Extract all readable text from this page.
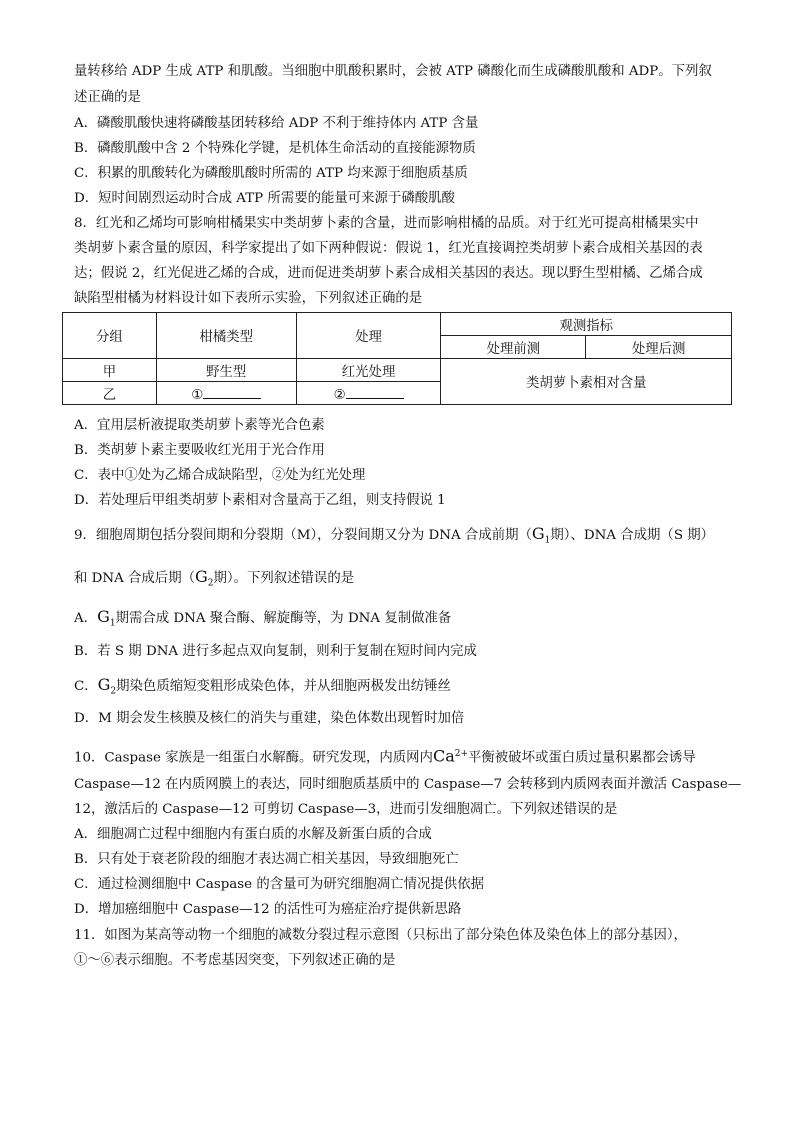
量转移给 ADP 生成 ATP 和肌酸。当细胞中肌酸积累时，会被 ATP 磷酸化而生成磷酸肌酸和 ADP。下列叙
述正确的是
A．磷酸肌酸快速将磷酸基团转移给 ADP 不利于维持体内 ATP 含量
B．磷酸肌酸中含 2 个特殊化学键，是机体生命活动的直接能源物质
C．积累的肌酸转化为磷酸肌酸时所需的 ATP 均来源于细胞质基质
D．短时间剧烈运动时合成 ATP 所需要的能量可来源于磷酸肌酸
8．红光和乙烯均可影响柑橘果实中类胡萝卜素的含量，进而影响柑橘的品质。对于红光可提高柑橘果实中
类胡萝卜素含量的原因，科学家提出了如下两种假说：假说 1，红光直接调控类胡萝卜素合成相关基因的表
达；假说 2，红光促进乙烯的合成，进而促进类胡萝卜素合成相关基因的表达。现以野生型柑橘、乙烯合成
缺陷型柑橘为材料设计如下表所示实验，下列叙述正确的是
分组	柑橘类型	处理	观测指标	
			处理前测	处理后测
甲	野生型	红光处理	类胡萝卜素相对含量	
乙	①	②		
A．宜用层析液提取类胡萝卜素等光合色素
B．类胡萝卜素主要吸收红光用于光合作用
C．表中①处为乙烯合成缺陷型，②处为红光处理
D．若处理后甲组类胡萝卜素相对含量高于乙组，则支持假说 1
9．细胞周期包括分裂间期和分裂期（M），分裂间期又分为 DNA 合成前期（$G_1$期）、DNA 合成期（S 期）
和 DNA 合成后期（$G_2$期）。下列叙述错误的是
A．$G_1$期需合成 DNA 聚合酶、解旋酶等，为 DNA 复制做准备
B．若 S 期 DNA 进行多起点双向复制，则利于复制在短时间内完成
C．$G_2$期染色质缩短变粗形成染色体，并从细胞两极发出纺锤丝
D．M 期会发生核膜及核仁的消失与重建，染色体数出现暂时加倍
10．Caspase 家族是一组蛋白水解酶。研究发现，内质网内$Ca^{2+}$平衡被破坏或蛋白质过量积累都会诱导
Caspase—12 在内质网膜上的表达，同时细胞质基质中的 Caspase—7 会转移到内质网表面并激活 Caspase—
12，激活后的 Caspase—12 可剪切 Caspase—3，进而引发细胞凋亡。下列叙述错误的是
A．细胞凋亡过程中细胞内有蛋白质的水解及新蛋白质的合成
B．只有处于衰老阶段的细胞才表达凋亡相关基因，导致细胞死亡
C．通过检测细胞中 Caspase 的含量可为研究细胞凋亡情况提供依据
D．增加癌细胞中 Caspase—12 的活性可为癌症治疗提供新思路
11．如图为某高等动物一个细胞的减数分裂过程示意图（只标出了部分染色体及染色体上的部分基因），
①～⑥表示细胞。不考虑基因突变，下列叙述正确的是
